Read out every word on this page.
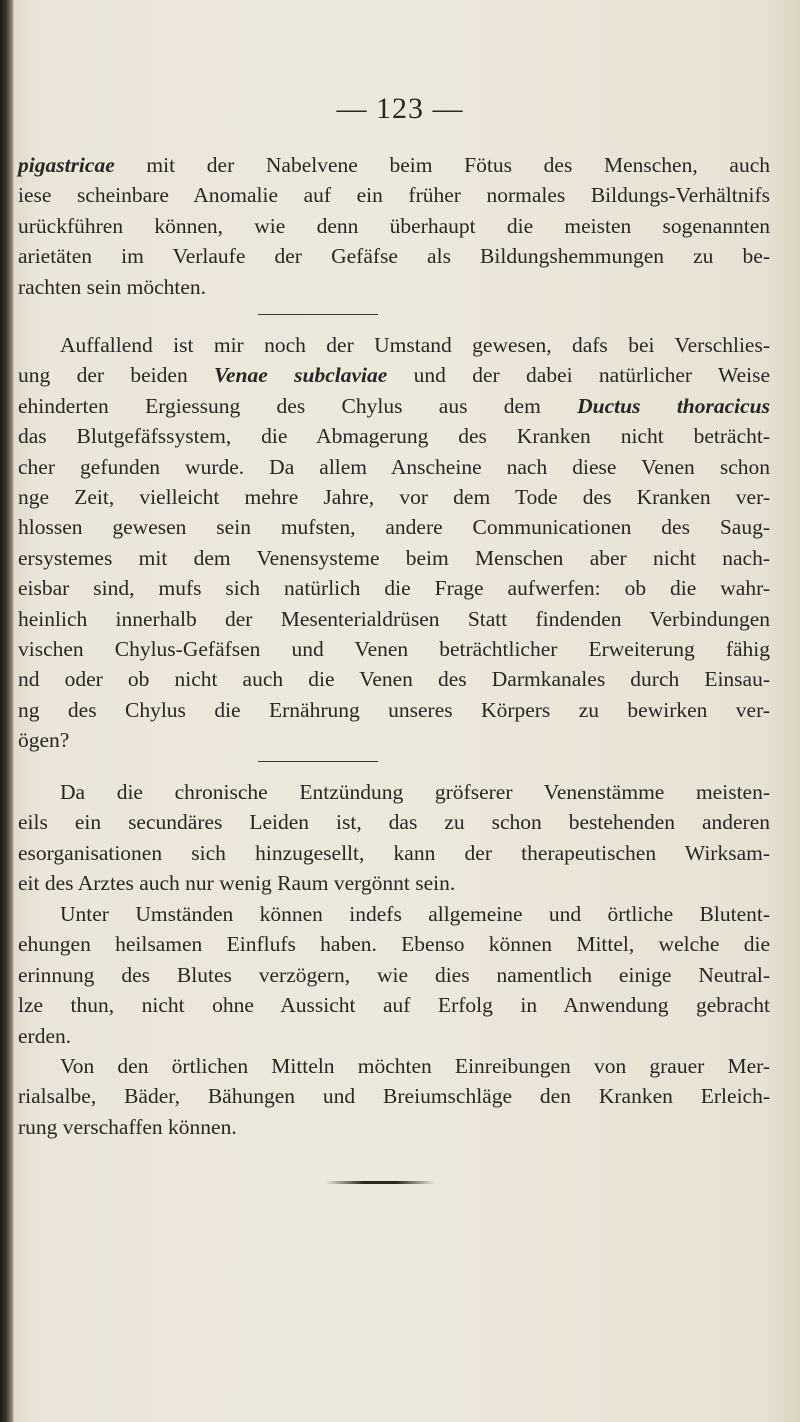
— 123 —
pigastricae mit der Nabelvene beim Fötus des Menschen, auch
iese scheinbare Anomalie auf ein früher normales Bildungs-Verhältnifs
urückführen können, wie denn überhaupt die meisten sogenannten
arietäten im Verlaufe der Gefäfse als Bildungshemmungen zu be-
rachten sein möchten.
Auffallend ist mir noch der Umstand gewesen, dafs bei Verschlies-
ung der beiden Venae subclaviae und der dabei natürlicher Weise
ehinderten Ergiessung des Chylus aus dem Ductus thoracicus
das Blutgefäfssystem, die Abmagerung des Kranken nicht beträcht-
cher gefunden wurde. Da allem Anscheine nach diese Venen schon
nge Zeit, vielleicht mehre Jahre, vor dem Tode des Kranken ver-
hlossen gewesen sein mufsten, andere Communicationen des Saug-
ersystemes mit dem Venensysteme beim Menschen aber nicht nach-
eisbar sind, mufs sich natürlich die Frage aufwerfen: ob die wahr-
heinlich innerhalb der Mesenterialdrüsen Statt findenden Verbindungen
vischen Chylus-Gefäfsen und Venen beträchtlicher Erweiterung fähig
nd oder ob nicht auch die Venen des Darmkanales durch Einsau-
ng des Chylus die Ernährung unseres Körpers zu bewirken ver-
ögen?
Da die chronische Entzündung gröfserer Venenstämme meisten-
eils ein secundäres Leiden ist, das zu schon bestehenden anderen
esorganisationen sich hinzugesellt, kann der therapeutischen Wirksam-
eit des Arztes auch nur wenig Raum vergönnt sein.
Unter Umständen können indefs allgemeine und örtliche Blutent-
ehungen heilsamen Einflufs haben. Ebenso können Mittel, welche die
erinnung des Blutes verzögern, wie dies namentlich einige Neutral-
lze thun, nicht ohne Aussicht auf Erfolg in Anwendung gebracht
erden.
Von den örtlichen Mitteln möchten Einreibungen von grauer Mer-
rialsalbe, Bäder, Bähungen und Breiumschläge den Kranken Erleich-
rung verschaffen können.
